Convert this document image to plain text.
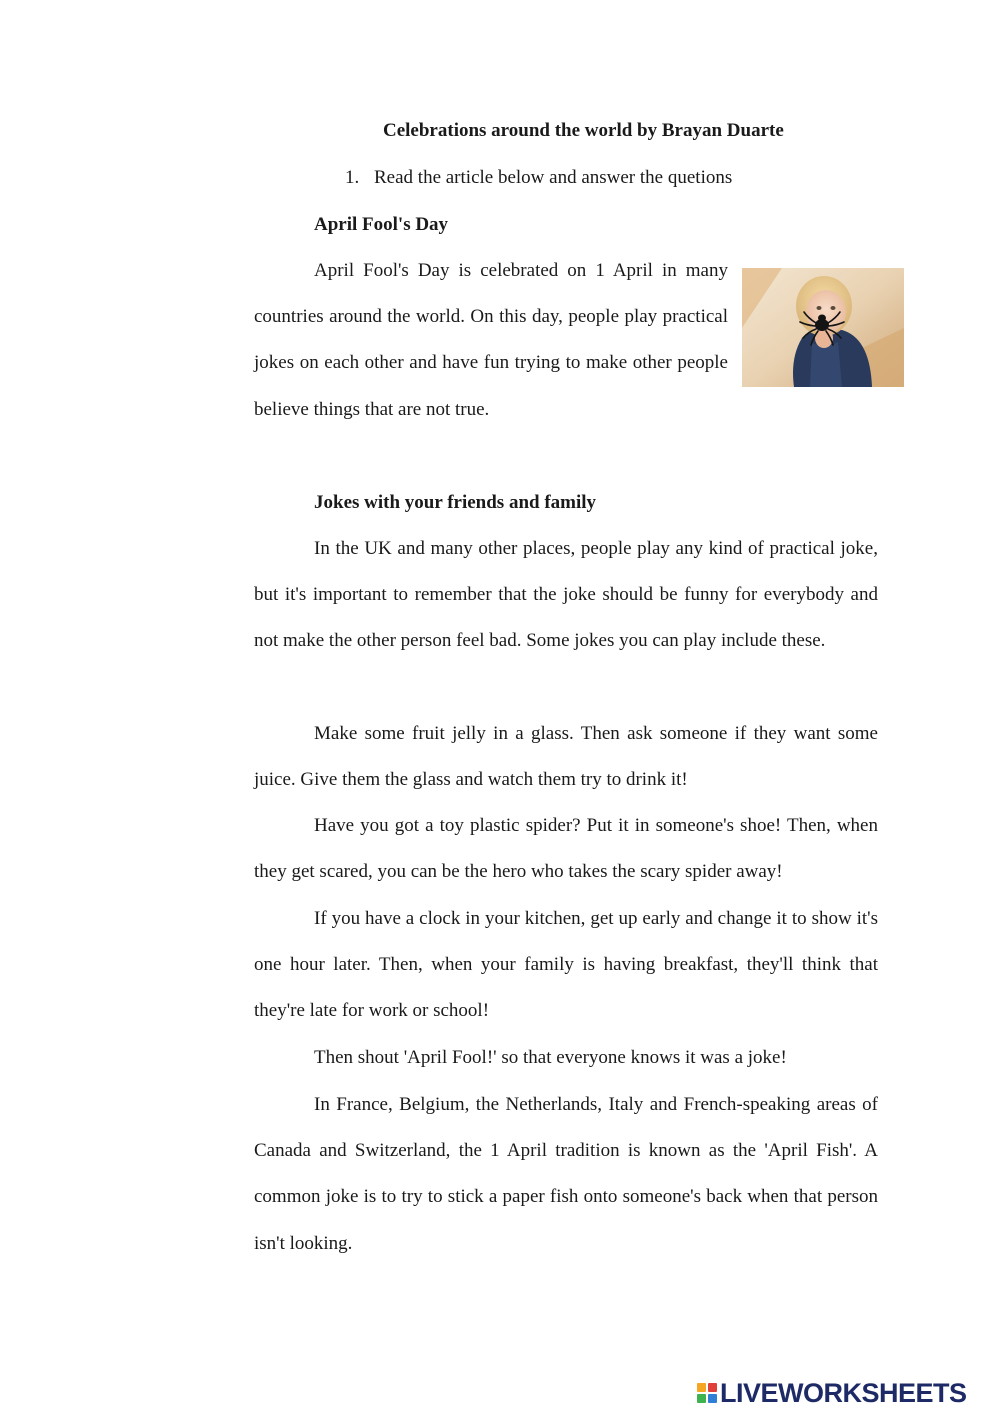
Celebrations around the world by Brayan Duarte
1. Read the article below and answer the quetions
April Fool's Day
April Fool's Day is celebrated on 1 April in many countries around the world. On this day, people play practical jokes on each other and have fun trying to make other people believe things that are not true.
Jokes with your friends and family

In the UK and many other places, people play any kind of practical joke, but it's important to remember that the joke should be funny for everybody and not make the other person feel bad. Some jokes you can play include these.

Make some fruit jelly in a glass. Then ask someone if they want some juice. Give them the glass and watch them try to drink it!

Have you got a toy plastic spider? Put it in someone's shoe! Then, when they get scared, you can be the hero who takes the scary spider away!

If you have a clock in your kitchen, get up early and change it to show it's one hour later. Then, when your family is having breakfast, they'll think that they're late for work or school!

Then shout 'April Fool!' so that everyone knows it was a joke!

In France, Belgium, the Netherlands, Italy and French-speaking areas of Canada and Switzerland, the 1 April tradition is known as the 'April Fish'. A common joke is to try to stick a paper fish onto someone's back when that person isn't looking.

LIVEWORKSHEETS
